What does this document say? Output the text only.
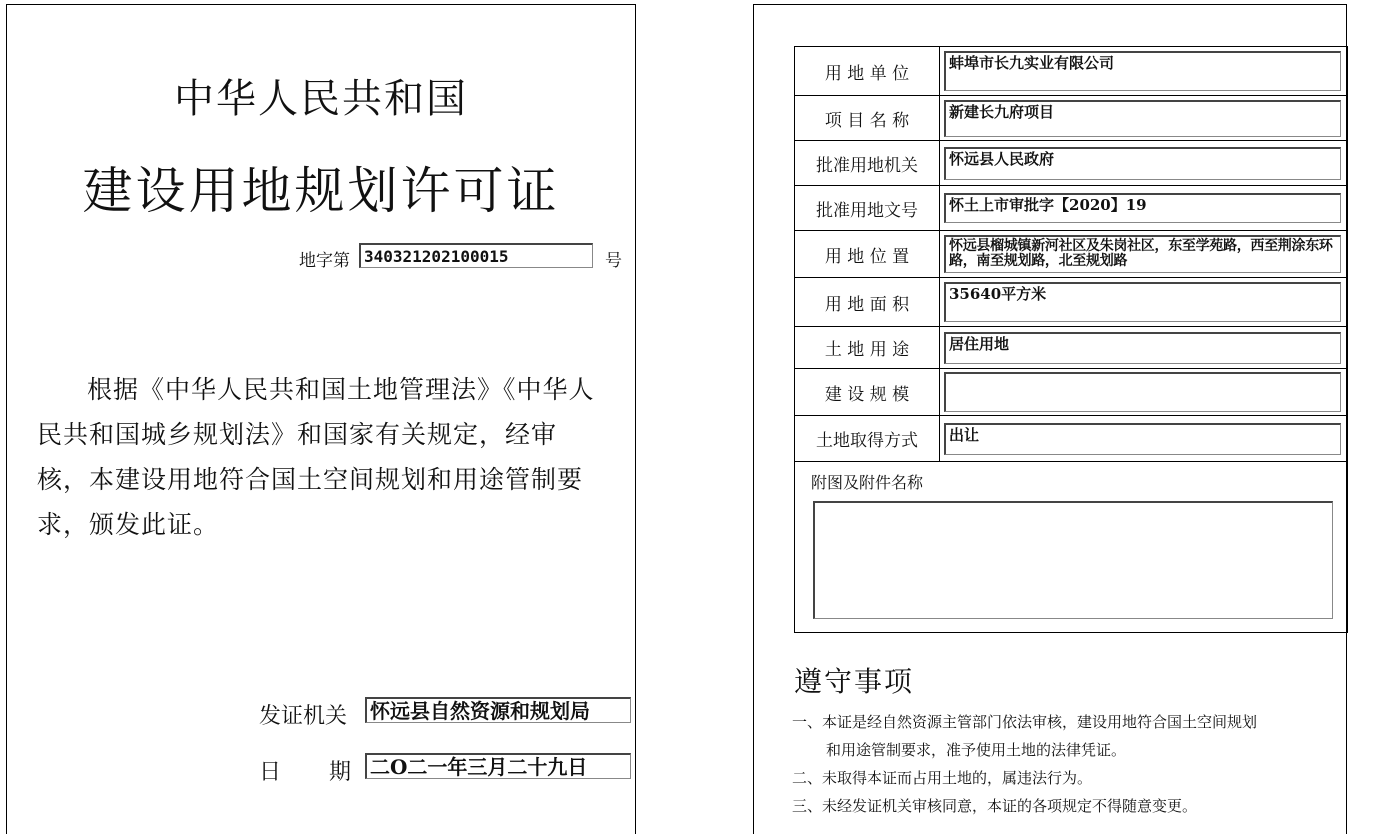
中华人民共和国
建设用地规划许可证
地字第 340321202100015	号
根据《中华人民共和国土地管理法》《中华人民共和国城乡规划法》和国家有关规定，经审核，本建设用地符合国土空间规划和用途管制要求，颁发此证。
发证机关 怀远县自然资源和规划局
日 期 二O二一年三月二十九日
用 地 单 位	蚌埠市长九实业有限公司

项 目 名 称	新建长九府项目

批准用地机关	怀远县人民政府

批准用地文号	怀土上市审批字【2020】19

用 地 位 置	怀远县榴城镇新河社区及朱岗社区，东至学苑路，西至荆涂东环路，南至规划路，北至规划路

用 地 面 积	35640平方米

土 地 用 途	居住用地

建 设 规 模	

土地取得方式	出让

附图及附件名称	
遵守事项
一、本证是经自然资源主管部门依法审核，建设用地符合国土空间规划
和用途管制要求，准予使用土地的法律凭证。
二、未取得本证而占用土地的，属违法行为。
三、未经发证机关审核同意，本证的各项规定不得随意变更。
